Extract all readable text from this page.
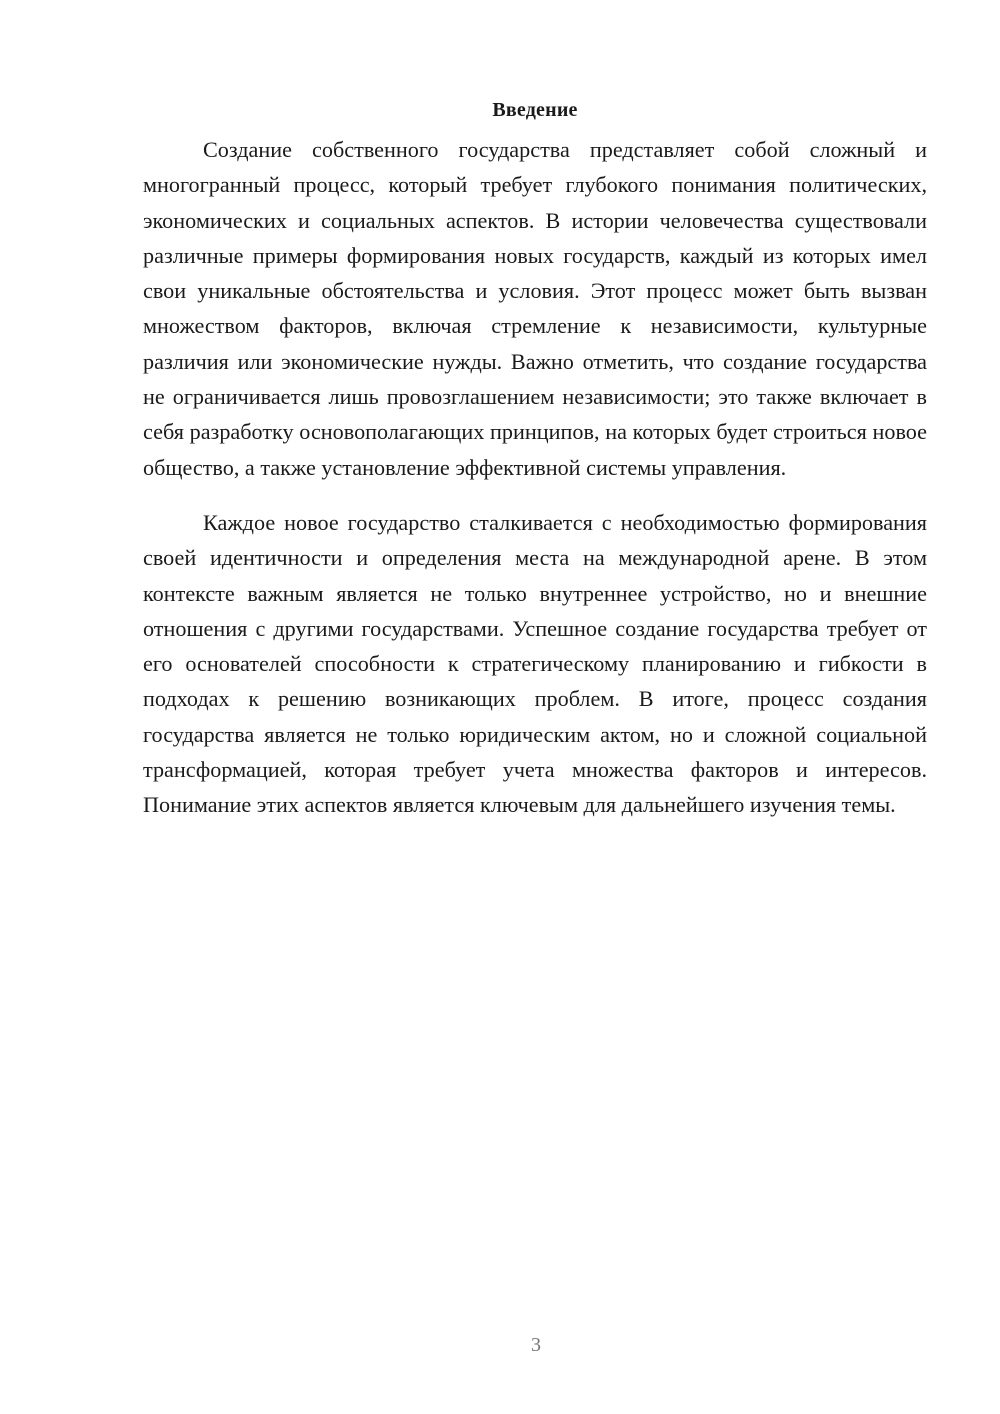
Введение

Создание собственного государства представляет собой сложный и многогранный процесс, который требует глубокого понимания политических, экономических и социальных аспектов. В истории человечества существовали различные примеры формирования новых государств, каждый из которых имел свои уникальные обстоятельства и условия. Этот процесс может быть вызван множеством факторов, включая стремление к независимости, культурные различия или экономические нужды. Важно отметить, что создание государства не ограничивается лишь провозглашением независимости; это также включает в себя разработку основополагающих принципов, на которых будет строиться новое общество, а также установление эффективной системы управления.

Каждое новое государство сталкивается с необходимостью формирования своей идентичности и определения места на международной арене. В этом контексте важным является не только внутреннее устройство, но и внешние отношения с другими государствами. Успешное создание государства требует от его основателей способности к стратегическому планированию и гибкости в подходах к решению возникающих проблем. В итоге, процесс создания государства является не только юридическим актом, но и сложной социальной трансформацией, которая требует учета множества факторов и интересов. Понимание этих аспектов является ключевым для дальнейшего изучения темы.

3
